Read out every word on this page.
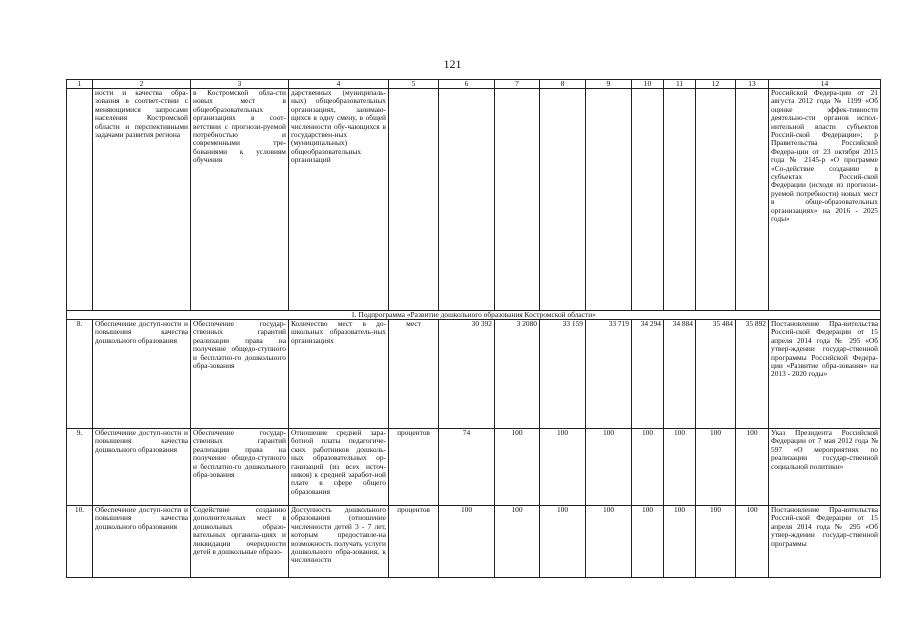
121
1	2	3	4	5	6	7	8	9	10	11	12	13	14
	ности и качества обра-зования в соответ-ствии с меняющимися запросами населения Костромской области и перспективными задачами развития региона	в Костромской обла-сти новых мест в общеобразовательных организациях в соот-ветствии с прогнози-руемой потребностью и современными тре-бованиями к условиям обучения	дарственных (муниципаль-ных) общеобразовательных организациях, занимаю-щихся в одну смену, в общей численности обу-чающихся в государствен-ных (муниципальных) общеобразовательных организаций										Российской Федера-ции от 21 августа 2012 года № 1199 «Об оценке эффек-тивности деятельно-сти органов испол-нительной власти субъектов Россий-ской Федерации»; р Правительства Российской Федера-ции от 23 октября 2015 года № 2145-р «О программе «Со-действие созданию в субъектах Россий-ской Федерации (исходя из прогнози-руемой потребности) новых мест в обще-образовательных организациях» на 2016 - 2025 годы»
1. Подпрограмма «Развитие дошкольного образования Костромской области»													
8.	Обеспечение доступ-ности и повышения качества дошкольного образования	Обеспечение государ-ственных гарантий реализации права на получение общедо-ступного и бесплатно-го дошкольного обра-зования	Количество мест в до-школьных образователь-ных организациях	мест	30 392	3 2080	33 159	33 719	34 294	34 884	35 484	35 892	Постановление Пра-вительства Россий-ской Федерации от 15 апреля 2014 года № 295 «Об утвер-ждении государ-ственной программы Российской Федера-ции «Развитие обра-зования» на 2013 - 2020 годы»
9.	Обеспечение доступ-ности и повышения качества дошкольного образования	Обеспечение государ-ственных гарантий реализации права на получение общедо-ступного и бесплатно-го дошкольного обра-зования	Отношение средней зара-ботной платы педагогиче-ских работников дошколь-ных образовательных ор-ганизаций (из всех источ-ников) к средней заработ-ной плате в сфере общего образования	процентов	74	100	100	100	100	100	100	100	Указ Президента Российской Федерации от 7 мая 2012 года № 597 «О мероприятиях по реализации государ-ственной социальной политики»
10.	Обеспечение доступ-ности и повышения качества дошкольного образования	Содействие созданию дополнительных мест в дошкольных образо-вательных организа-циях и ликвидации очередности детей в дошкольные образо-	Доступность дошкольного образования (отношение численности детей 3 - 7 лет, которым предоставле-на возможность получать услуги дошкольного обра-зования, к численности	процентов	100	100	100	100	100	100	100	100	Постановление Пра-вительства Россий-ской Федерации от 15 апреля 2014 года № 295 «Об утвер-ждении государ-ственной программы
